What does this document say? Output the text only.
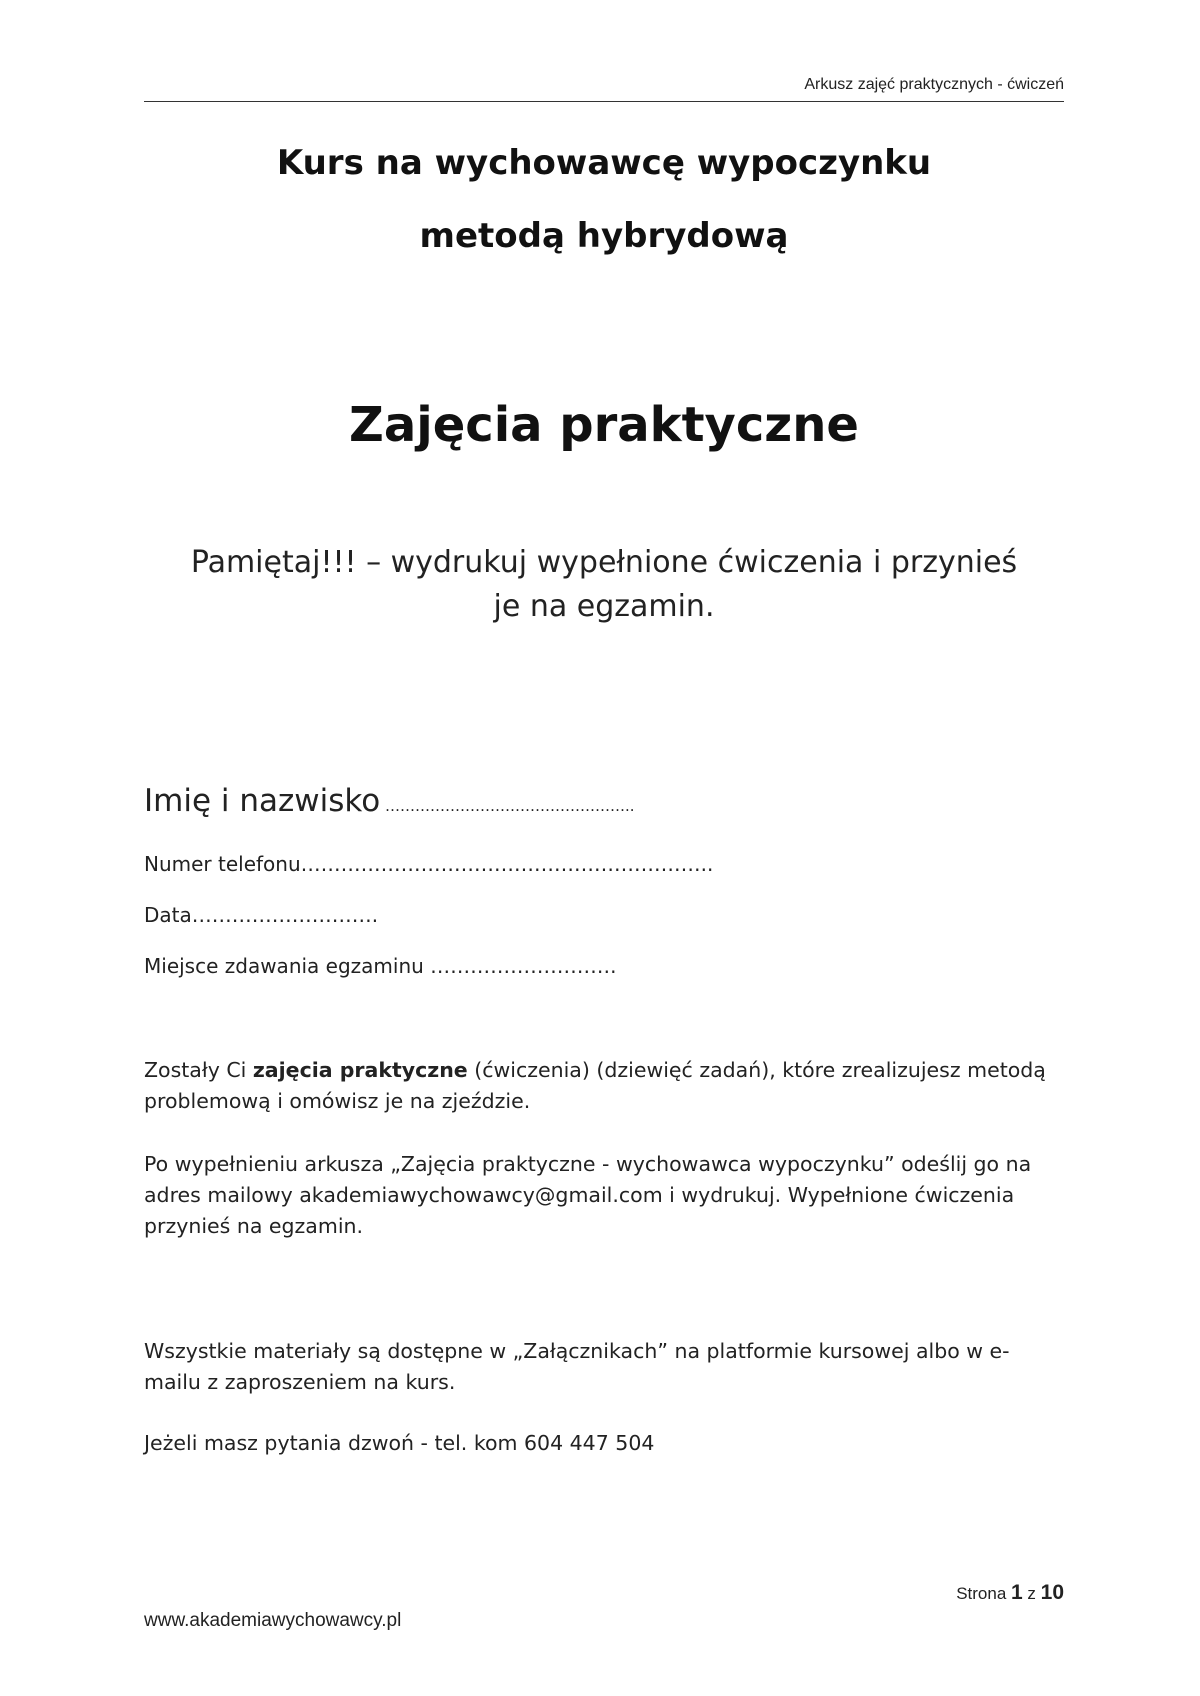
Arkusz zajęć praktycznych - ćwiczeń
Kurs na wychowawcę wypoczynku
metodą hybrydową
Zajęcia praktyczne
Pamiętaj!!! – wydrukuj wypełnione ćwiczenia i przynieś
je na egzamin.
Imię i nazwisko …………………………………………..
Numer telefonu……………………………………………………..
Data……………………….
Miejsce zdawania egzaminu ……………………….
Zostały Ci zajęcia praktyczne (ćwiczenia) (dziewięć zadań), które zrealizujesz metodą problemową i omówisz je na zjeździe.
Po wypełnieniu arkusza „Zajęcia praktyczne - wychowawca wypoczynku” odeślij go na adres mailowy akademiawychowawcy@gmail.com i wydrukuj. Wypełnione ćwiczenia przynieś na egzamin.
Wszystkie materiały są dostępne w „Załącznikach” na platformie kursowej albo w e-mailu z zaproszeniem na kurs.
Jeżeli masz pytania dzwoń - tel. kom 604 447 504
Strona 1 z 10
www.akademiawychowawcy.pl
